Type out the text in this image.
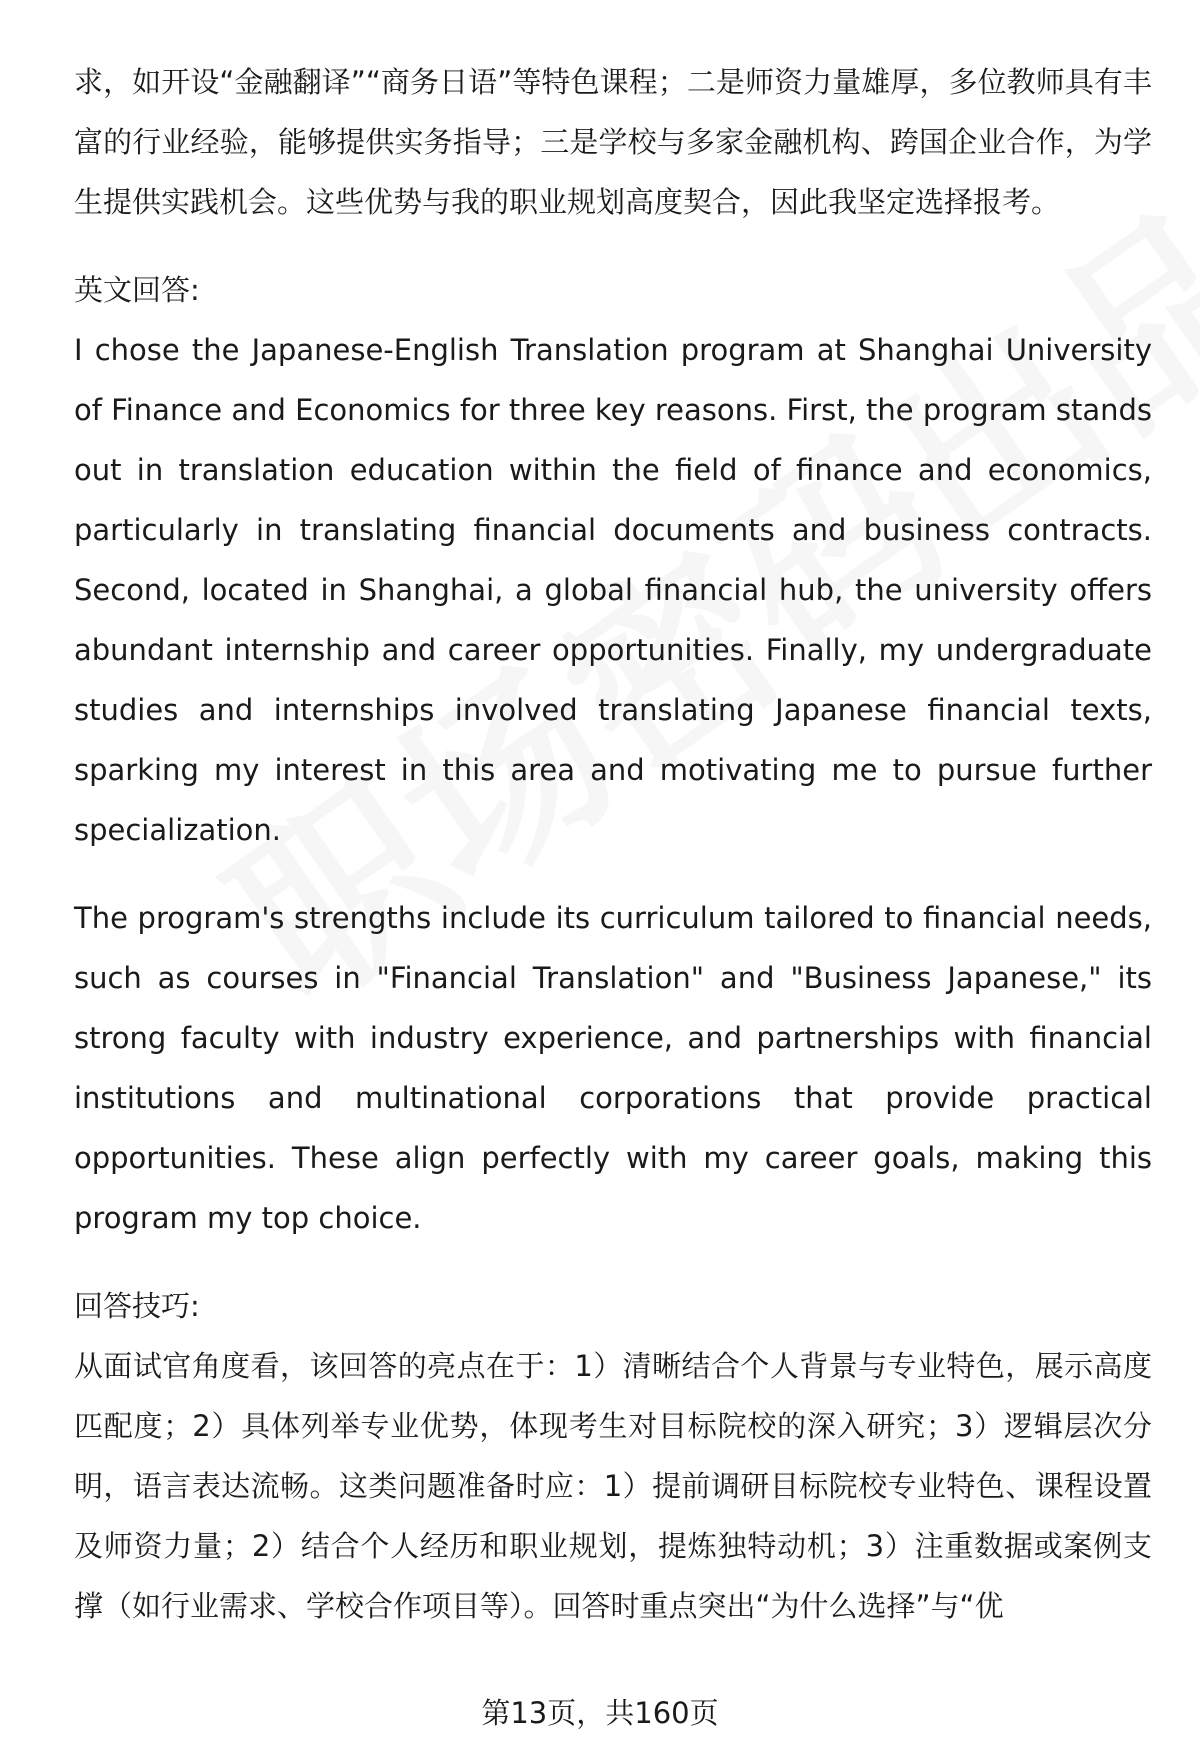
求，如开设“金融翻译”“商务日语”等特色课程；二是师资力量雄厚，多位教师具有丰富的行业经验，能够提供实务指导；三是学校与多家金融机构、跨国企业合作，为学生提供实践机会。这些优势与我的职业规划高度契合，因此我坚定选择报考。

英文回答:

I chose the Japanese-English Translation program at Shanghai University of Finance and Economics for three key reasons. First, the program stands out in translation education within the field of finance and economics, particularly in translating financial documents and business contracts. Second, located in Shanghai, a global financial hub, the university offers abundant internship and career opportunities. Finally, my undergraduate studies and internships involved translating Japanese financial texts, sparking my interest in this area and motivating me to pursue further specialization.

The program's strengths include its curriculum tailored to financial needs, such as courses in "Financial Translation" and "Business Japanese," its strong faculty with industry experience, and partnerships with financial institutions and multinational corporations that provide practical opportunities. These align perfectly with my career goals, making this program my top choice.

回答技巧:

从面试官角度看，该回答的亮点在于：1）清晰结合个人背景与专业特色，展示高度匹配度；2）具体列举专业优势，体现考生对目标院校的深入研究；3）逻辑层次分明，语言表达流畅。这类问题准备时应：1）提前调研目标院校专业特色、课程设置及师资力量；2）结合个人经历和职业规划，提炼独特动机；3）注重数据或案例支撑（如行业需求、学校合作项目等）。回答时重点突出“为什么选择”与“优

第13页，共160页
